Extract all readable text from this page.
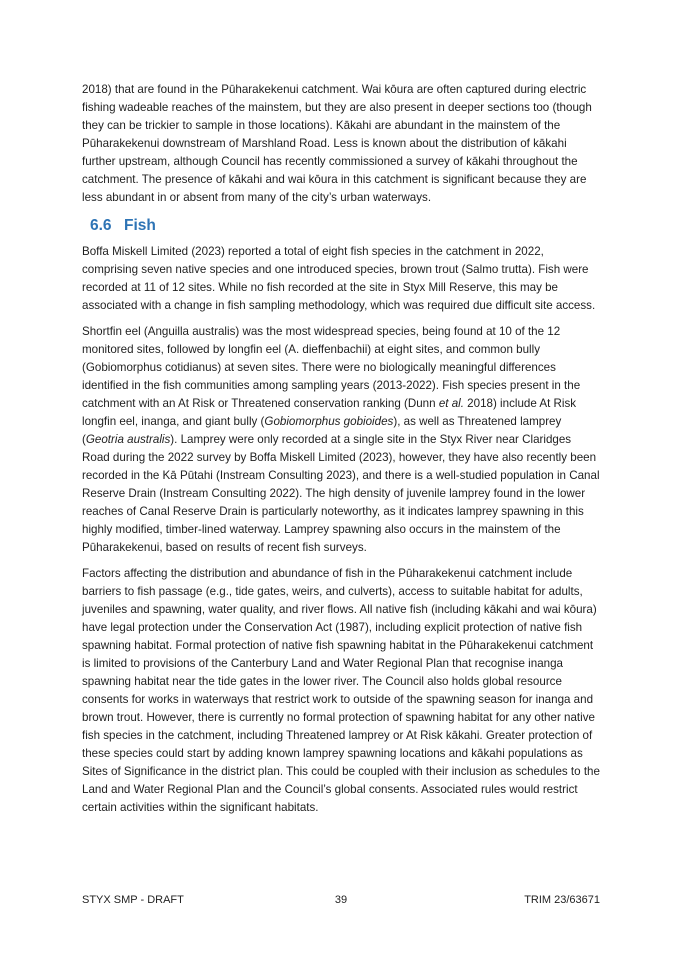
2018) that are found in the Pūharakekenui catchment. Wai kōura are often captured during electric fishing wadeable reaches of the mainstem, but they are also present in deeper sections too (though they can be trickier to sample in those locations). Kākahi are abundant in the mainstem of the Pūharakekenui downstream of Marshland Road. Less is known about the distribution of kākahi further upstream, although Council has recently commissioned a survey of kākahi throughout the catchment. The presence of kākahi and wai kōura in this catchment is significant because they are less abundant in or absent from many of the city’s urban waterways.

6.6 Fish

Boffa Miskell Limited (2023) reported a total of eight fish species in the catchment in 2022, comprising seven native species and one introduced species, brown trout (Salmo trutta). Fish were recorded at 11 of 12 sites. While no fish recorded at the site in Styx Mill Reserve, this may be associated with a change in fish sampling methodology, which was required due difficult site access.

Shortfin eel (Anguilla australis) was the most widespread species, being found at 10 of the 12 monitored sites, followed by longfin eel (A. dieffenbachii) at eight sites, and common bully (Gobiomorphus cotidianus) at seven sites. There were no biologically meaningful differences identified in the fish communities among sampling years (2013-2022). Fish species present in the catchment with an At Risk or Threatened conservation ranking (Dunn et al. 2018) include At Risk longfin eel, inanga, and giant bully (Gobiomorphus gobioides), as well as Threatened lamprey (Geotria australis). Lamprey were only recorded at a single site in the Styx River near Claridges Road during the 2022 survey by Boffa Miskell Limited (2023), however, they have also recently been recorded in the Kā Pūtahi (Instream Consulting 2023), and there is a well-studied population in Canal Reserve Drain (Instream Consulting 2022). The high density of juvenile lamprey found in the lower reaches of Canal Reserve Drain is particularly noteworthy, as it indicates lamprey spawning in this highly modified, timber-lined waterway. Lamprey spawning also occurs in the mainstem of the Pūharakekenui, based on results of recent fish surveys.

Factors affecting the distribution and abundance of fish in the Pūharakekenui catchment include barriers to fish passage (e.g., tide gates, weirs, and culverts), access to suitable habitat for adults, juveniles and spawning, water quality, and river flows. All native fish (including kākahi and wai kōura) have legal protection under the Conservation Act (1987), including explicit protection of native fish spawning habitat. Formal protection of native fish spawning habitat in the Pūharakekenui catchment is limited to provisions of the Canterbury Land and Water Regional Plan that recognise inanga spawning habitat near the tide gates in the lower river. The Council also holds global resource consents for works in waterways that restrict work to outside of the spawning season for inanga and brown trout. However, there is currently no formal protection of spawning habitat for any other native fish species in the catchment, including Threatened lamprey or At Risk kākahi. Greater protection of these species could start by adding known lamprey spawning locations and kākahi populations as Sites of Significance in the district plan. This could be coupled with their inclusion as schedules to the Land and Water Regional Plan and the Council’s global consents. Associated rules would restrict certain activities within the significant habitats.

STYX SMP - DRAFT	39	TRIM 23/63671
